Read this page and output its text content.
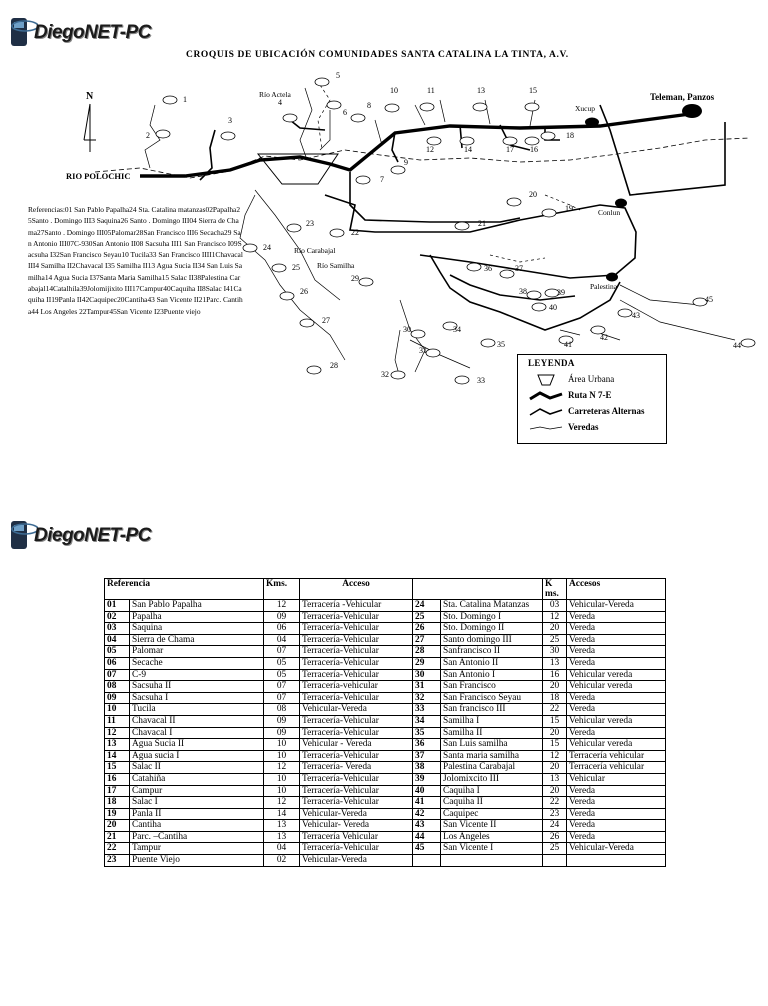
DiegoNET-PC
CROQUIS DE UBICACIÓN COMUNIDADES SANTA CATALINA LA TINTA, A.V.
N
RIO POLOCHIC
Río Actela
Río Carabajal
Río Samilha
Xucup
Teleman, Panzos
Conlun
Palestina
1
2
3
4
5
6
7
8
9
10	11
12
13
14
15
16
17
18
19
20
21
22
23
24
25
26
27
28
29
30
31
32
33
34
35
36	37
38	39
40
41
42
43
44
45
Referencias:01 San Pablo Papalha24 Sta. Catalina matanzas02Papalha25Santo . Domingo III3 Saquina26 Santo . Domingo III04 Sierra de Chama27Santo . Domingo III05Palomar28San Francisco III6 Secacha29 San Antonio III07C-930San Antonio II08 Sacsuha III1 San Francisco I09Sacsuha I32San Francisco Seyau10 Tucila33 San Francisco IIII1Chavacal III4 Samilha II2Chavacal I35 Samilha II13 Agua Sucia II34 San Luis Samilha14 Agua Sucia I37Santa Maria Samilha15 Salac II38Palestina Carabajal14Catalhila39Jolomijixito III17Campur40Caquiha II8Salac I41Caquiha II19Panla II42Caquipec20Cantiha43 San Vicente II21Parc. Cantiha44 Los Angeles 22Tampur45San Vicente I23Puente viejo
LEYENDA
Área Urbana
Ruta N 7-E
Carreteras Alternas
Veredas
DiegoNET-PC
Referencia		Kms.	Acceso			K ms.	Accesos
01	San Pablo Papalha	12	Terracería -Vehicular	24	Sta. Catalina Matanzas	03	Vehicular-Vereda
02	Papalha	09	Terracería-Vehicular	25	Sto. Domingo I	12	Vereda
03	Saquina	06	Terracería-Vehicular	26	Sto. Domingo II	20	Vereda
04	Sierra de Chama	04	Terracería-Vehicular	27	Santo domingo III	25	Vereda
05	Palomar	07	Terracería-Vehicular	28	Sanfrancisco II	30	Vereda
06	Secache	05	Terracería-Vehicular	29	San Antonio II	13	Vereda
07	C-9	05	Terracería-Vehicular	30	San Antonio I	16	Vehicular vereda
08	Sacsuha II	07	Terracería-vehicular	31	San Francisco	20	Vehicular vereda
09	Sacsuha I	07	Terracería-Vehicular	32	San Francisco Seyau	18	Vereda
10	Tucila	08	Vehicular-Vereda	33	San francisco III	22	Vereda
11	Chavacal II	09	Terracería-Vehicular	34	Samilha I	15	Vehicular vereda
12	Chavacal I	09	Terracería-Vehicular	35	Samilha II	20	Vereda
13	Agua Sucia II	10	Vehicular - Vereda	36	San Luis samilha	15	Vehicular vereda
14	Agua sucia I	10	Terracería-Vehicular	37	Santa maria samilha	12	Terracería vehicular
15	Salac II	12	Terracería- Vereda	38	Palestina Carabajal	20	Terracería vehicular
16	Catahiña	10	Terracería-Vehicular	39	Jolomixcito III	13	Vehicular
17	Campur	10	Terracería-Vehicular	40	Caquiha I	20	Vereda
18	Salac I	12	Terracería-Vehicular	41	Caquiha II	22	Vereda
19	Panla II	14	Vehicular-Vereda	42	Caquipec	23	Vereda
20	Cantiha	13	Vehicular- Vereda	43	San Vicente II	24	Vereda
21	Parc. –Cantiha	13	Terracería Vehicular	44	Los Angeles	26	Vereda
22	Tampur	04	Terracería-Vehicular	45	San Vicente I	25	Vehicular-Vereda
23	Puente Viejo	02	Vehicular-Vereda				
